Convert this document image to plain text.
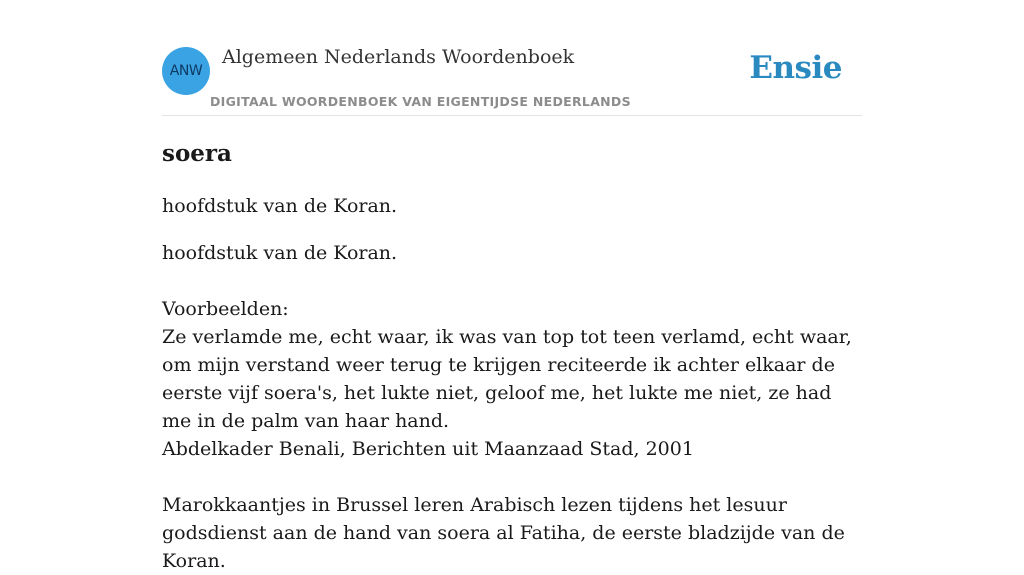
ANW
Algemeen Nederlands Woordenboek
DIGITAAL WOORDENBOEK VAN EIGENTIJDSE NEDERLANDS
Ensie
soera
hoofdstuk van de Koran.
hoofdstuk van de Koran.
Voorbeelden:
Ze verlamde me, echt waar, ik was van top tot teen verlamd, echt waar, om mijn verstand weer terug te krijgen reciteerde ik achter elkaar de eerste vijf soera's, het lukte niet, geloof me, het lukte me niet, ze had me in de palm van haar hand.
Abdelkader Benali, Berichten uit Maanzaad Stad, 2001
Marokkaantjes in Brussel leren Arabisch lezen tijdens het lesuur godsdienst aan de hand van soera al Fatiha, de eerste bladzijde van de Koran.
